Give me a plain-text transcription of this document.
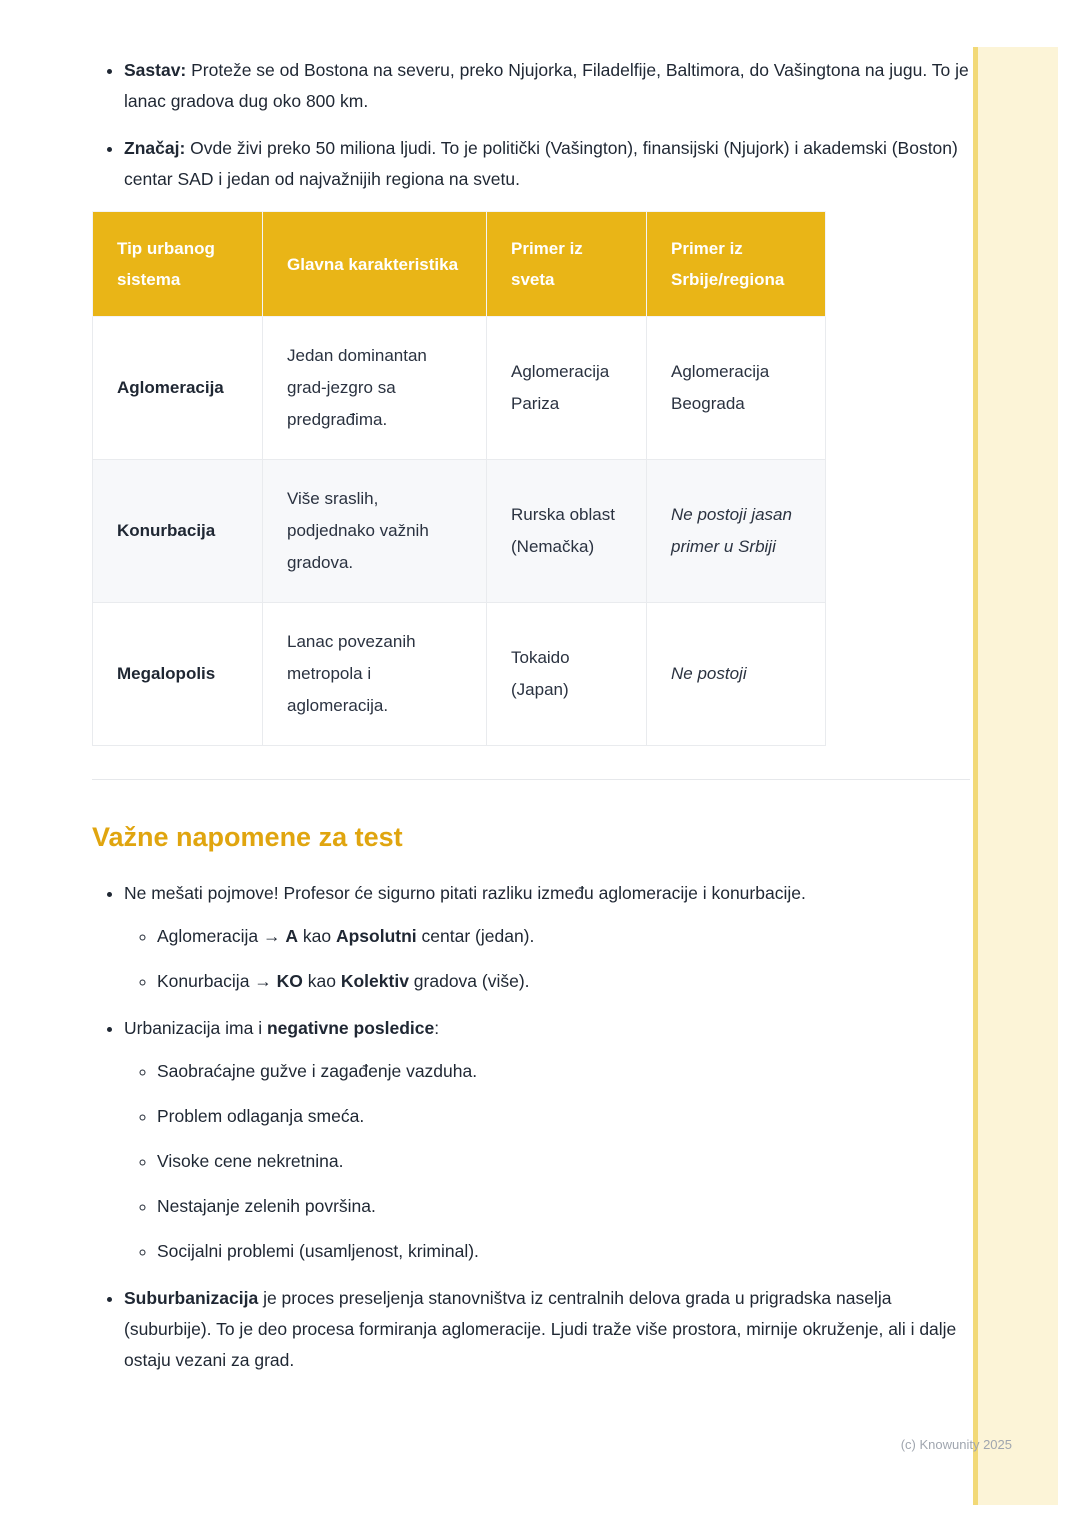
• Sastav: Proteže se od Bostona na severu, preko Njujorka, Filadelfije, Baltimora, do Vašingtona na jugu. To je lanac gradova dug oko 800 km.
• Značaj: Ovde živi preko 50 miliona ljudi. To je politički (Vašington), finansijski (Njujork) i akademski (Boston) centar SAD i jedan od najvažnijih regiona na svetu.
Tip urbanog sistema	Glavna karakteristika	Primer iz sveta	Primer iz Srbije/regiona
Aglomeracija	Jedan dominantan grad-jezgro sa predgrađima.	Aglomeracija Pariza	Aglomeracija Beograda
Konurbacija	Više sraslih, podjednako važnih gradova.	Rurska oblast (Nemačka)	Ne postoji jasan primer u Srbiji
Megalopolis	Lanac povezanih metropola i aglomeracija.	Tokaido (Japan)	Ne postoji
Važne napomene za test
• Ne mešati pojmove! Profesor će sigurno pitati razliku između aglomeracije i konurbacije.
◦ Aglomeracija → A kao Apsolutni centar (jedan).
◦ Konurbacija → KO kao Kolektiv gradova (više).
• Urbanizacija ima i negativne posledice:
◦ Saobraćajne gužve i zagađenje vazduha.
◦ Problem odlaganja smeća.
◦ Visoke cene nekretnina.
◦ Nestajanje zelenih površina.
◦ Socijalni problemi (usamljenost, kriminal).
• Suburbanizacija je proces preseljenja stanovništva iz centralnih delova grada u prigradska naselja (suburbije). To je deo procesa formiranja aglomeracije. Ljudi traže više prostora, mirnije okruženje, ali i dalje ostaju vezani za grad.
(c) Knowunity 2025
